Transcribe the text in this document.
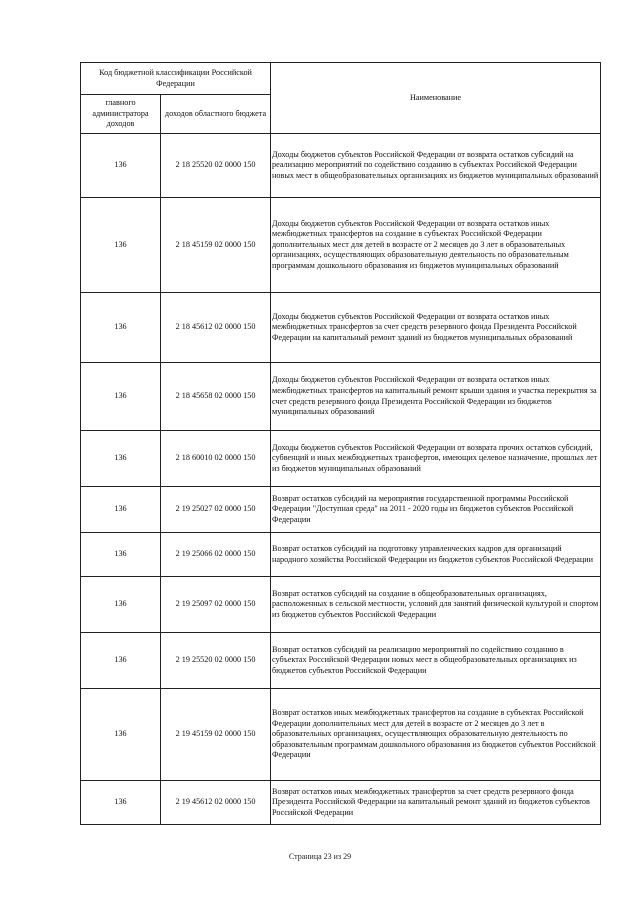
Код бюджетной классификации Российской Федерации		Наименование
главного администратора доходов	доходов областного бюджета	
136	2 18 25520 02 0000 150	Доходы бюджетов субъектов Российской Федерации от возврата остатков субсидий на реализацию мероприятий по содействию созданию в субъектах Российской Федерации новых мест в общеобразовательных организациях из бюджетов муниципальных образований
136	2 18 45159 02 0000 150	Доходы бюджетов субъектов Российской Федерации от возврата остатков иных межбюджетных трансфертов на создание в субъектах Российской Федерации дополнительных мест для детей в возрасте от 2 месяцев до 3 лет в образовательных организациях, осуществляющих образовательную деятельность по образовательным программам дошкольного образования из бюджетов муниципальных образований
136	2 18 45612 02 0000 150	Доходы бюджетов субъектов Российской Федерации от возврата остатков иных межбюджетных трансфертов за счет средств резервного фонда Президента Российской Федерации на капитальный ремонт зданий из бюджетов муниципальных образований
136	2 18 45658 02 0000 150	Доходы бюджетов субъектов Российской Федерации от возврата остатков иных межбюджетных трансфертов на капитальный ремонт крыши здания и участка перекрытия за счет средств резервного фонда Президента Российской Федерации из бюджетов муниципальных образований
136	2 18 60010 02 0000 150	Доходы бюджетов субъектов Российской Федерации от возврата прочих остатков субсидий, субвенций и иных межбюджетных трансфертов, имеющих целевое назначение, прошлых лет из бюджетов муниципальных образований
136	2 19 25027 02 0000 150	Возврат остатков субсидий на мероприятия государственной программы Российской Федерации "Доступная среда" на 2011 - 2020 годы из бюджетов субъектов Российской Федерации
136	2 19 25066 02 0000 150	Возврат остатков субсидий на подготовку управленческих кадров для организаций народного хозяйства Российской Федерации из бюджетов субъектов Российской Федерации
136	2 19 25097 02 0000 150	Возврат остатков субсидий на создание в общеобразовательных организациях, расположенных в сельской местности, условий для занятий физической культурой и спортом из бюджетов субъектов Российской Федерации
136	2 19 25520 02 0000 150	Возврат остатков субсидий на реализацию мероприятий по содействию созданию в субъектах Российской Федерации новых мест в общеобразовательных организациях из бюджетов субъектов Российской Федерации
136	2 19 45159 02 0000 150	Возврат остатков иных межбюджетных трансфертов на создание в субъектах Российской Федерации дополнительных мест для детей в возрасте от 2 месяцев до 3 лет в образовательных организациях, осуществляющих образовательную деятельность по образовательным программам дошкольного образования из бюджетов субъектов Российской Федерации
136	2 19 45612 02 0000 150	Возврат остатков иных межбюджетных трансфертов за счет средств резервного фонда Президента Российской Федерации на капитальный ремонт зданий из бюджетов субъектов Российской Федерации
Страница 23 из 29
